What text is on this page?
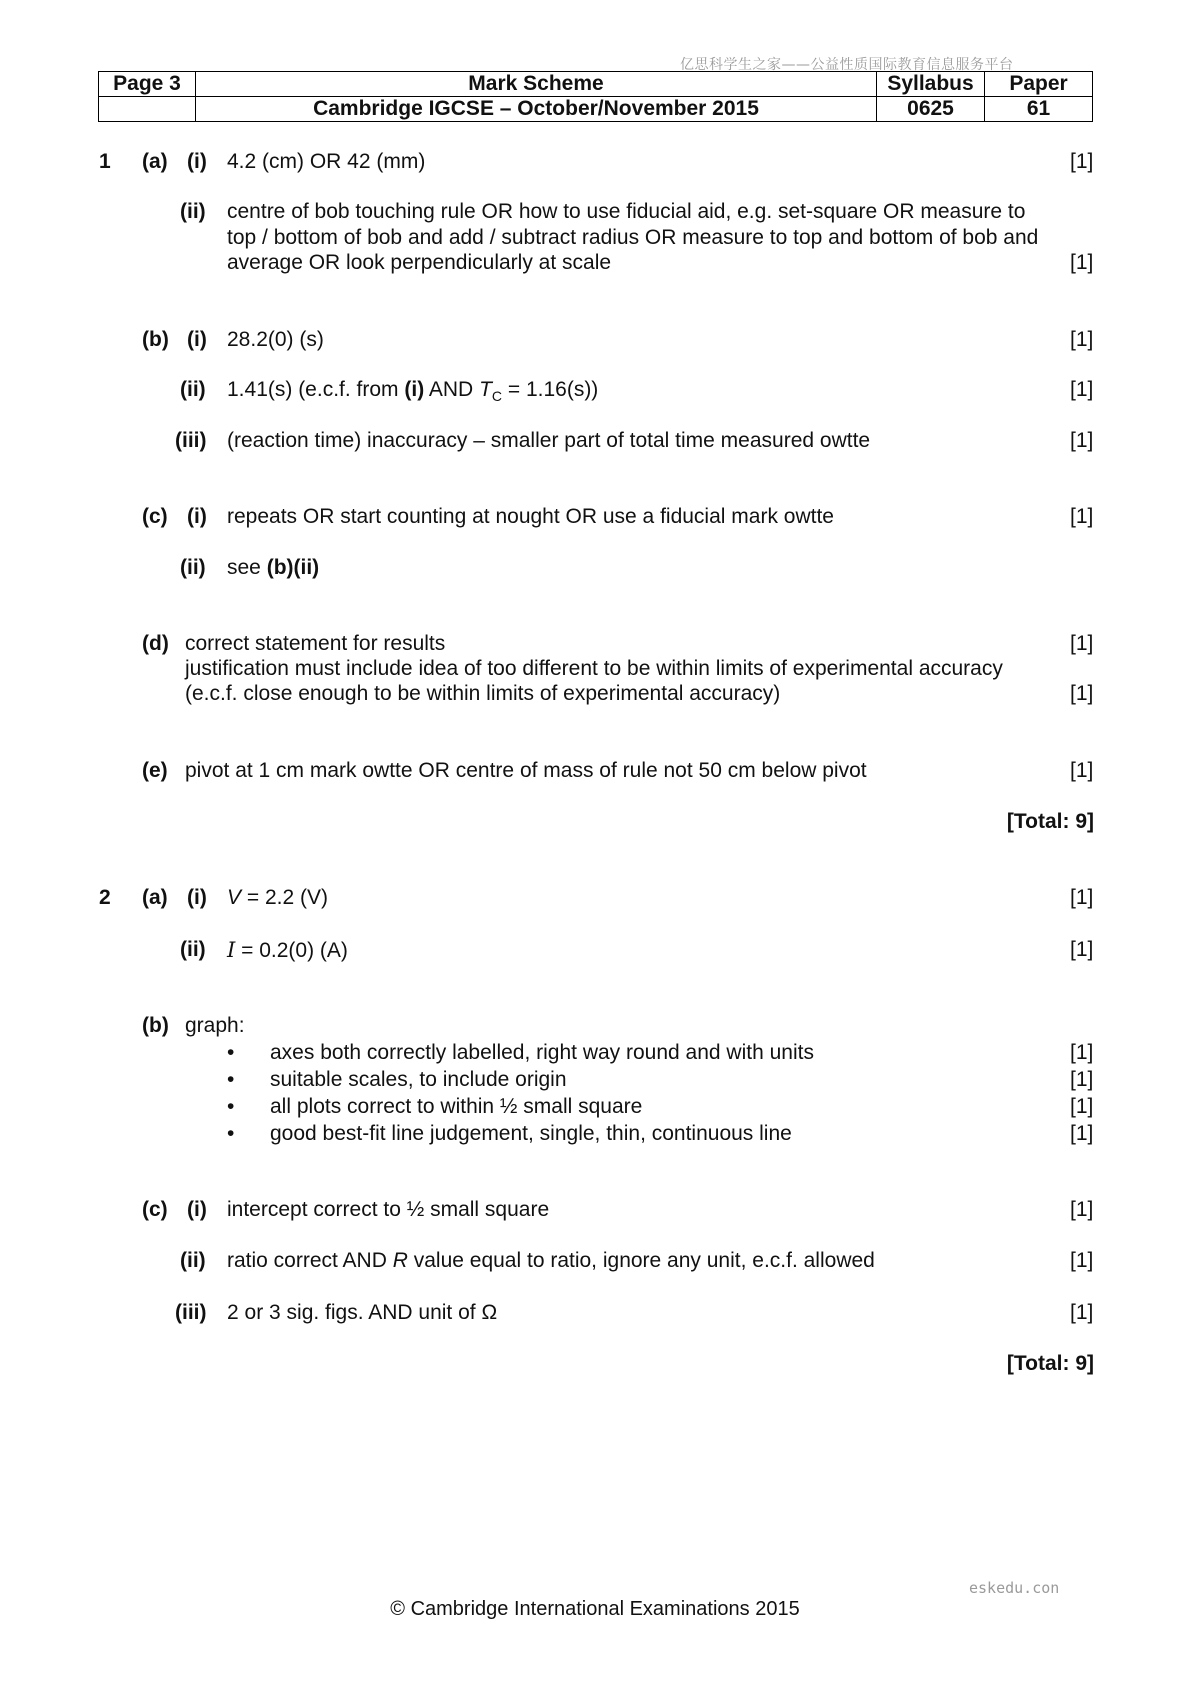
亿思科学生之家——公益性质国际教育信息服务平台
Page 3	Mark Scheme	Syllabus	Paper
	Cambridge IGCSE – October/November 2015	0625	61
1 (a) (i) 4.2 (cm) OR 42 (mm)	[1]
(ii) centre of bob touching rule OR how to use fiducial aid, e.g. set-square OR measure to
top / bottom of bob and add / subtract radius OR measure to top and bottom of bob and
average OR look perpendicularly at scale	[1]
(b) (i) 28.2(0) (s)	[1]
(ii) 1.41(s) (e.c.f. from (i) AND $T_C = 1.16(s)$)	[1]
(iii) (reaction time) inaccuracy – smaller part of total time measured owtte	[1]
(c) (i) repeats OR start counting at nought OR use a fiducial mark owtte	[1]
(ii) see (b)(ii)
(d) correct statement for results	[1]
justification must include idea of too different to be within limits of experimental accuracy
(e.c.f. close enough to be within limits of experimental accuracy)	[1]
(e) pivot at 1 cm mark owtte OR centre of mass of rule not 50 cm below pivot	[1]
[Total: 9]
2 (a) (i) V = 2.2 (V)	[1]
(ii) I = 0.2(0) (A)	[1]
(b) graph:
• axes both correctly labelled, right way round and with units	[1]
• suitable scales, to include origin	[1]
• all plots correct to within ½ small square	[1]
• good best-fit line judgement, single, thin, continuous line	[1]
(c) (i) intercept correct to ½ small square	[1]
(ii) ratio correct AND R value equal to ratio, ignore any unit, e.c.f. allowed	[1]
(iii) 2 or 3 sig. figs. AND unit of Ω	[1]
[Total: 9]
eskedu.con
© Cambridge International Examinations 2015
